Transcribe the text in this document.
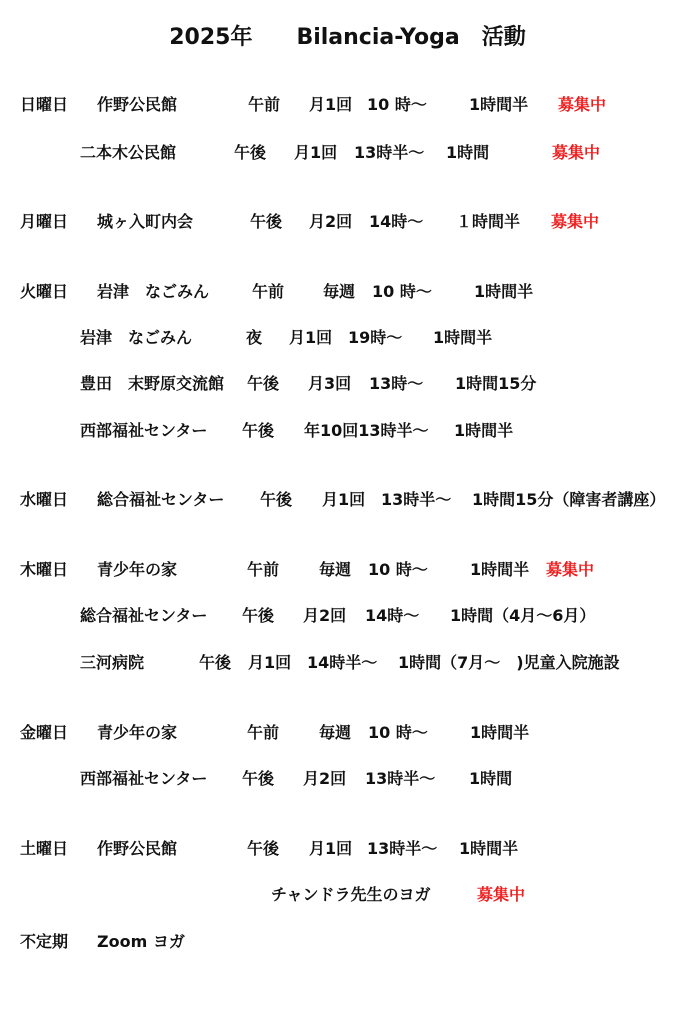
2025年　　Bilancia-Yoga　活動
日曜日 作野公民館	午前 月1回 10 時～	1時間半 募集中
二本木公民館	午後 月1回 13時半～ 1時間	募集中
月曜日 城ヶ入町内会	午後 月2回 14時～ １時間半 募集中
火曜日 岩津　なごみん	午前 毎週 10 時～	1時間半
岩津　なごみん	夜 月1回 19時～ 1時間半
豊田　末野原交流館 午後 月3回 13時～ 1時間15分
西部福祉センター 午後 年10回13時半～ 1時間半
水曜日 総合福祉センター 午後 月1回 13時半～ 1時間15分（障害者講座）
木曜日 青少年の家	午前 毎週 10 時～	1時間半 募集中
総合福祉センター 午後 月2回 14時～ 1時間（4月～6月）
三河病院	午後 月1回 14時半～ 1時間（7月～　)児童入院施設
金曜日 青少年の家	午前 毎週 10 時～	1時間半
西部福祉センター 午後 月2回 13時半～ 1時間
土曜日 作野公民館	午後 月1回 13時半～ 1時間半
チャンドラ先生のヨガ	募集中
不定期 Zoom ヨガ
